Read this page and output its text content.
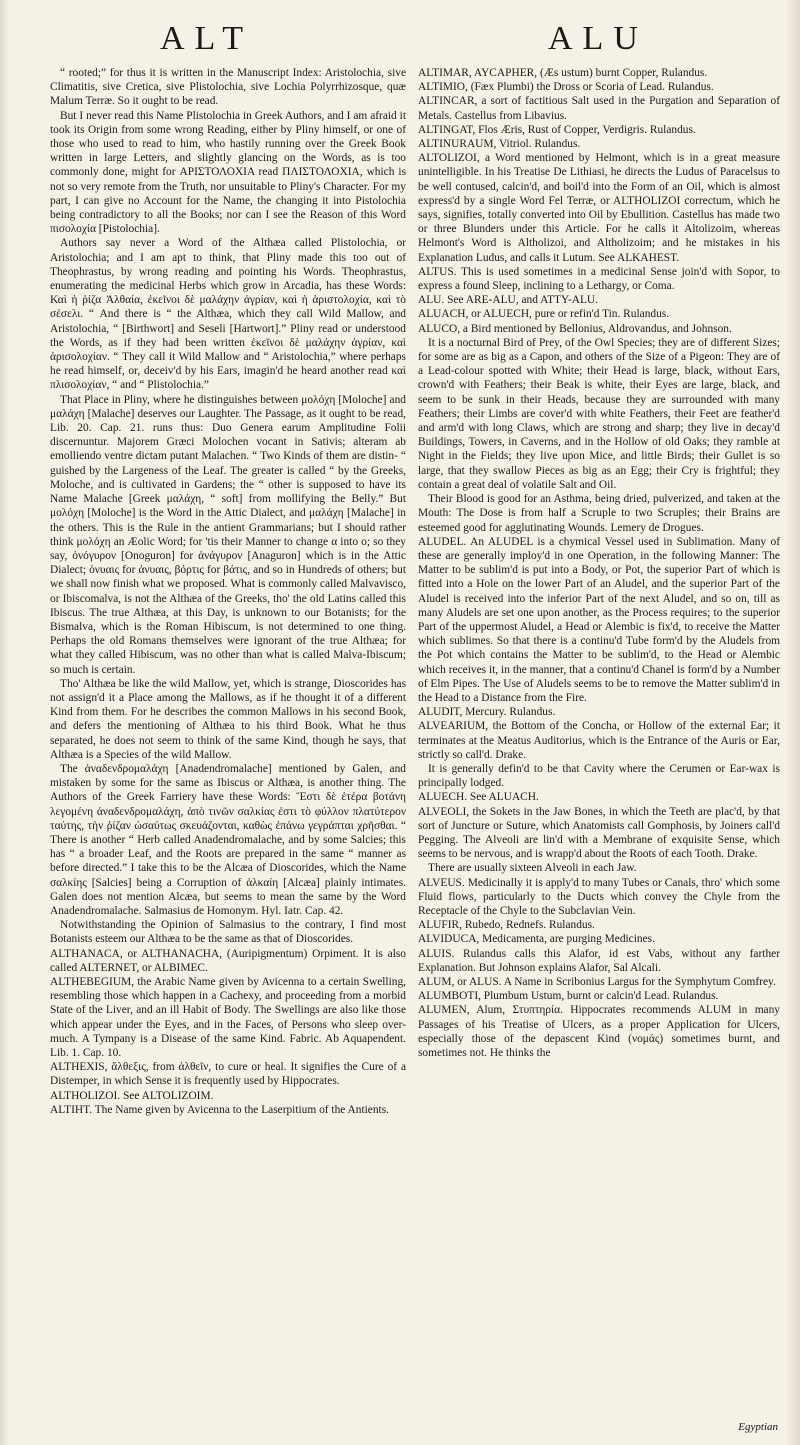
ALT	ALU

“ rooted;” for thus it is written in the Manuscript Index: Aristolochia, sive Climatitis, sive Cretica, sive Plistolochia, sive Lochia Polyrrhizosque, quæ Malum Terræ. So it ought to be read.

But I never read this Name Plistolochia in Greek Authors, and I am afraid it took its Origin from some wrong Reading, either by Pliny himself, or one of those who used to read to him, who hastily running over the Greek Book written in large Letters, and slightly glancing on the Words, as is too commonly done, might for ΑΡΙΣΤΟΛΟΧΙΑ read ΠΛΙΣΤΟΛΟΧΙΑ, which is not so very remote from the Truth, nor unsuitable to Pliny's Character. For my part, I can give no Account for the Name, the changing it into Pistolochia being contradictory to all the Books; nor can I see the Reason of this Word πισολοχία [Pistolochia].

Authors say never a Word of the Althæa called Plistolochia, or Aristolochia; and I am apt to think, that Pliny made this too out of Theophrastus, by wrong reading and pointing his Words. Theophrastus, enumerating the medicinal Herbs which grow in Arcadia, has these Words: Καὶ ἡ ῥίζα Ἀλθαία, ἐκεῖνοι δὲ μαλάχην ἀγρίαν, καὶ ἡ ἀριστολοχία, καὶ τὸ σέσελι. “ And there is “ the Althæa, which they call Wild Mallow, and Aristolochia, “ [Birthwort] and Seseli [Hartwort].” Pliny read or understood the Words, as if they had been written ἐκεῖνοι δὲ μαλάχην ἀγρίαν, καὶ ἀρισολοχίαν. “ They call it Wild Mallow and “ Aristolochia,” where perhaps he read himself, or, deceiv'd by his Ears, imagin'd he heard another read καὶ πλισολοχίαν, “ and “ Plistolochia.”

That Place in Pliny, where he distinguishes between μολόχη [Moloche] and μαλάχη [Malache] deserves our Laughter. The Passage, as it ought to be read, Lib. 20. Cap. 21. runs thus: Duo Genera earum Amplitudine Folii discernuntur. Majorem Græci Molochen vocant in Sativis; alteram ab emolliendo ventre dictam putant Malachen. “ Two Kinds of them are distin- “ guished by the Largeness of the Leaf. The greater is called “ by the Greeks, Moloche, and is cultivated in Gardens; the “ other is supposed to have its Name Malache [Greek μαλάχη, “ soft] from mollifying the Belly.” But μολόχη [Moloche] is the Word in the Attic Dialect, and μαλάχη [Malache] in the others. This is the Rule in the antient Grammarians; but I should rather think μολόχη an Æolic Word; for 'tis their Manner to change α into ο; so they say, ὀνόγυρον [Onoguron] for ἀνάγυρον [Anaguron] which is in the Attic Dialect; ὀνυαις for ἀνυαις, βόρτις for βάτις, and so in Hundreds of others; but we shall now finish what we proposed. What is commonly called Malvaviscο, or Ibiscomalva, is not the Althæa of the Greeks, tho' the old Latins called this Ibiscus. The true Althæa, at this Day, is unknown to our Botanists; for the Bismalva, which is the Roman Hibiscum, is not determined to one thing. Perhaps the old Romans themselves were ignorant of the true Althæa; for what they called Hibiscum, was no other than what is called Malva-Ibiscum; so much is certain.

Tho' Althæa be like the wild Mallow, yet, which is strange, Dioscorides has not assign'd it a Place among the Mallows, as if he thought it of a different Kind from them. For he describes the common Mallows in his second Book, and defers the mentioning of Althæa to his third Book. What he thus separated, he does not seem to think of the same Kind, though he says, that Althæa is a Species of the wild Mallow.

The ἀναδενδρομαλάχη [Anadendromalache] mentioned by Galen, and mistaken by some for the same as Ibiscus or Althæa, is another thing. The Authors of the Greek Farriery have these Words: Ἔστι δὲ ἑτέρα βοτάνη λεγομένη ἀναδενδρομαλάχη, ἀπὸ τινῶν σαλκίας ἐστι τὸ φύλλον πλατύτερον ταύτης, τὴν ῥίζαν ὡσαύτως σκευάζονται, καθὼς ἐπάνω γεγράπται χρῆσθαι. “ There is another “ Herb called Anadendromalache, and by some Salcies; this has “ a broader Leaf, and the Roots are prepared in the same “ manner as before directed.” I take this to be the Alcæa of Dioscorides, which the Name σαλκίης [Salcies] being a Corruption of ἀλκαίη [Alcæa] plainly intimates. Galen does not mention Alcæa, but seems to mean the same by the Word Anadendromalache. Salmasius de Homonym. Hyl. Iatr. Cap. 42.

Notwithstanding the Opinion of Salmasius to the contrary, I find most Botanists esteem our Althæa to be the same as that of Dioscorides.

ALTHANACA, or ALTHANACHA, (Auripigmentum) Orpiment. It is also called ALTERNET, or ALBIMEC.

ALTHEBEGIUM, the Arabic Name given by Avicenna to a certain Swelling, resembling those which happen in a Cachexy, and proceeding from a morbid State of the Liver, and an ill Habit of Body. The Swellings are also like those which appear under the Eyes, and in the Faces, of Persons who sleep over-much. A Tympany is a Disease of the same Kind. Fabric. Ab Aquapendent. Lib. 1. Cap. 10.

ALTHEXIS, ἄλθεξις, from ἀλθεῖν, to cure or heal. It signifies the Cure of a Distemper, in which Sense it is frequently used by Hippocrates.

ALTHOLIZOI. See ALTOLIZOIM.

ALTIHT. The Name given by Avicenna to the Laserpitium of the Antients.

ALTIMAR, AYCAPHER, (Æs ustum) burnt Copper, Rulandus.

ALTIMIO, (Fæx Plumbi) the Dross or Scoria of Lead. Rulandus.

ALTINCAR, a sort of factitious Salt used in the Purgation and Separation of Metals. Castellus from Libavius.

ALTINGAT, Flos Æris, Rust of Copper, Verdigris. Rulandus.

ALTINURAUM, Vitriol. Rulandus.

ALTOLIZOI, a Word mentioned by Helmont, which is in a great measure unintelligible. In his Treatise De Lithiasi, he directs the Ludus of Paracelsus to be well contused, calcin'd, and boil'd into the Form of an Oil, which is almost express'd by a single Word Fel Terræ, or ALTHOLIZOI correctum, which he says, signifies, totally converted into Oil by Ebullition. Castellus has made two or three Blunders under this Article. For he calls it Altolizoim, whereas Helmont's Word is Altholizoi, and Altholizoim; and he mistakes in his Explanation Ludus, and calls it Lutum. See ALKAHEST.

ALTUS. This is used sometimes in a medicinal Sense join'd with Sopor, to express a found Sleep, inclining to a Lethargy, or Coma.

ALU. See ARE-ALU, and ATTY-ALU.

ALUACH, or ALUECH, pure or refin'd Tin. Rulandus.

ALUCO, a Bird mentioned by Bellonius, Aldrovandus, and Johnson.

It is a nocturnal Bird of Prey, of the Owl Species; they are of different Sizes; for some are as big as a Capon, and others of the Size of a Pigeon: They are of a Lead-colour spotted with White; their Head is large, black, without Ears, crown'd with Feathers; their Beak is white, their Eyes are large, black, and seem to be sunk in their Heads, because they are surrounded with many Feathers; their Limbs are cover'd with white Feathers, their Feet are feather'd and arm'd with long Claws, which are strong and sharp; they live in decay'd Buildings, Towers, in Caverns, and in the Hollow of old Oaks; they ramble at Night in the Fields; they live upon Mice, and little Birds; their Gullet is so large, that they swallow Pieces as big as an Egg; their Cry is frightful; they contain a great deal of volatile Salt and Oil.

Their Blood is good for an Asthma, being dried, pulverized, and taken at the Mouth: The Dose is from half a Scruple to two Scruples; their Brains are esteemed good for agglutinating Wounds. Lemery de Drogues.

ALUDEL. An ALUDEL is a chymical Vessel used in Sublimation. Many of these are generally imploy'd in one Operation, in the following Manner: The Matter to be sublim'd is put into a Body, or Pot, the superior Part of which is fitted into a Hole on the lower Part of an Aludel, and the superior Part of the Aludel is received into the inferior Part of the next Aludel, and so on, till as many Aludels are set one upon another, as the Process requires; to the superior Part of the uppermost Aludel, a Head or Alembic is fix'd, to receive the Matter which sublimes. So that there is a continu'd Tube form'd by the Aludels from the Pot which contains the Matter to be sublim'd, to the Head or Alembic which receives it, in the manner, that a continu'd Chanel is form'd by a Number of Elm Pipes. The Use of Aludels seems to be to remove the Matter sublim'd in the Head to a Distance from the Fire.

ALUDIT, Mercury. Rulandus.

ALVEARIUM, the Bottom of the Concha, or Hollow of the external Ear; it terminates at the Meatus Auditorius, which is the Entrance of the Auris or Ear, strictly so call'd. Drake.

It is generally defin'd to be that Cavity where the Cerumen or Ear-wax is principally lodged.

ALUECH. See ALUACH.

ALVEOLI, the Sokets in the Jaw Bones, in which the Teeth are plac'd, by that sort of Juncture or Suture, which Anatomists call Gomphosis, by Joiners call'd Pegging. The Alveoli are lin'd with a Membrane of exquisite Sense, which seems to be nervous, and is wrapp'd about the Roots of each Tooth. Drake.

There are usually sixteen Alveoli in each Jaw.

ALVEUS. Medicinally it is apply'd to many Tubes or Canals, thro' which some Fluid flows, particularly to the Ducts which convey the Chyle from the Receptacle of the Chyle to the Subclavian Vein.

ALUFIR, Rubedo, Rednefs. Rulandus.

ALVIDUCA, Medicamenta, are purging Medicines.

ALUIS. Rulandus calls this Alafor, id est Vabs, without any farther Explanation. But Johnson explains Alafor, Sal Alcali.

ALUM, or ALUS. A Name in Scribonius Largus for the Symphytum Comfrey.

ALUMBOTI, Plumbum Ustum, burnt or calcin'd Lead. Rulandus.

ALUMEN, Alum, Στυπτηρία. Hippocrates recommends ALUM in many Passages of his Treatise of Ulcers, as a proper Application for Ulcers, especially those of the depascent Kind (νομάς) sometimes burnt, and sometimes not. He thinks the

Egyptian
